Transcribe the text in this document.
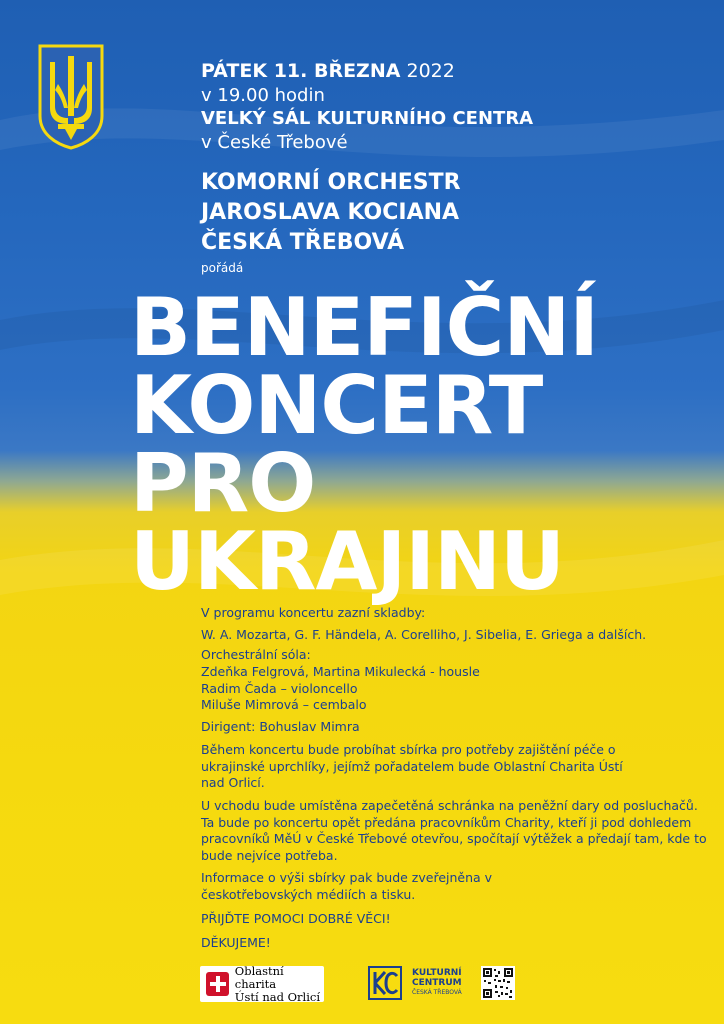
PÁTEK 11. BŘEZNA 2022
v 19.00 hodin
VELKÝ SÁL KULTURNÍHO CENTRA
v České Třebové
KOMORNÍ ORCHESTR
JAROSLAVA KOCIANA
ČESKÁ TŘEBOVÁ
pořádá
BENEFIČNÍ
KONCERT
PRO
UKRAJINU
V programu koncertu zazní skladby:
W. A. Mozarta, G. F. Händela, A. Corelliho, J. Sibelia, E. Griega a dalších.
Orchestrální sóla:
Zdeňka Felgrová, Martina Mikulecká - housle
Radim Čada – violoncello
Miluše Mimrová – cembalo
Dirigent: Bohuslav Mimra
Během koncertu bude probíhat sbírka pro potřeby zajištění péče o ukrajinské uprchlíky, jejímž pořadatelem bude Oblastní Charita Ústí nad Orlicí.
U vchodu bude umístěna zapečetěná schránka na peněžní dary od posluchačů. Ta bude po koncertu opět předána pracovníkům Charity, kteří ji pod dohledem pracovníků MěÚ v České Třebové otevřou, spočítají výtěžek a předají tam, kde to bude nejvíce potřeba.
Informace o výši sbírky pak bude zveřejněna v českotřebovských médiích a tisku.
PŘIJĎTE POMOCI DOBRÉ VĚCI!
DĚKUJEME!
Oblastní charita
Ústí nad Orlicí
KULTURNÍ
CENTRUM
ČESKÁ TŘEBOVÁ
